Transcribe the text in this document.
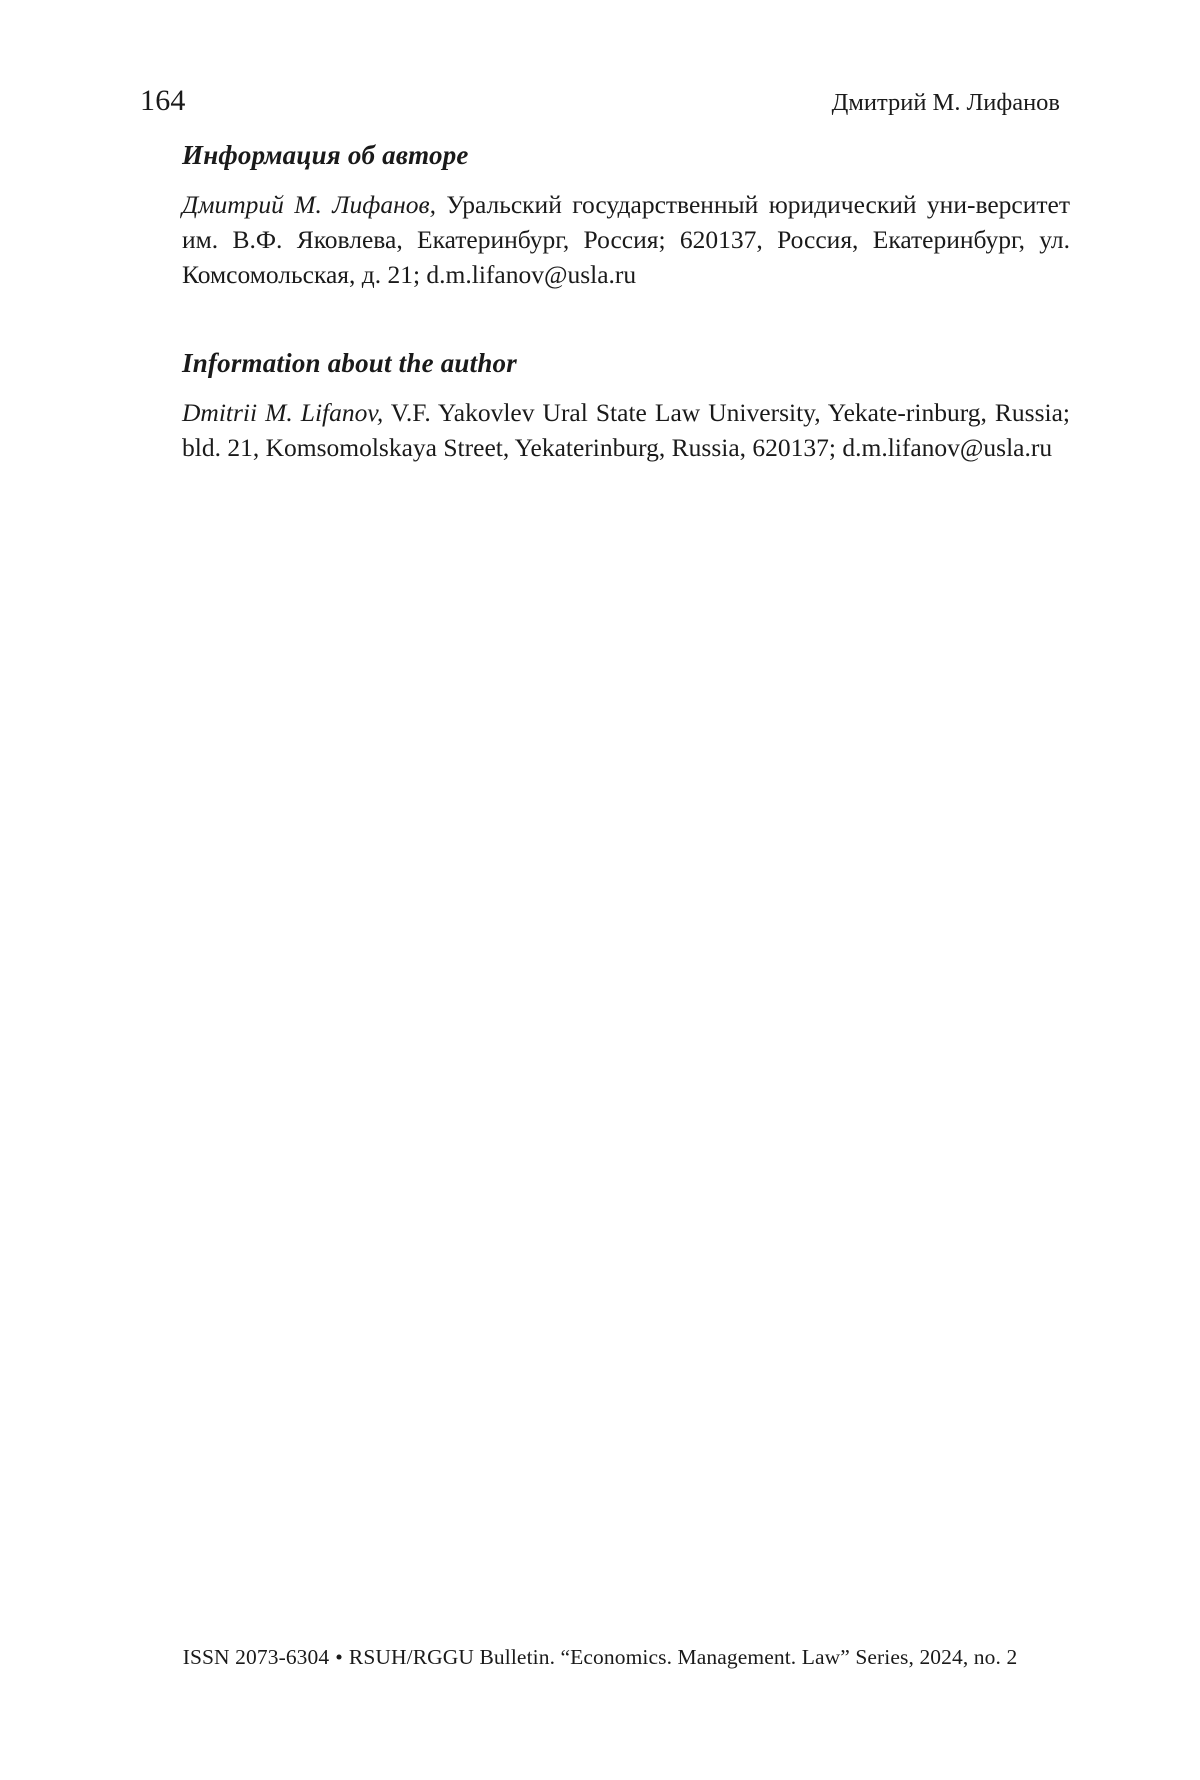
164	Дмитрий М. Лифанов
Информация об авторе

Дмитрий М. Лифанов, Уральский государственный юридический уни-верситет им. В.Ф. Яковлева, Екатеринбург, Россия; 620137, Россия, Екатеринбург, ул. Комсомольская, д. 21; d.m.lifanov@usla.ru

Information about the author

Dmitrii M. Lifanov, V.F. Yakovlev Ural State Law University, Yekate-rinburg, Russia; bld. 21, Komsomolskaya Street, Yekaterinburg, Russia, 620137; d.m.lifanov@usla.ru

ISSN 2073-6304 • RSUH/RGGU Bulletin. “Economics. Management. Law” Series, 2024, no. 2
